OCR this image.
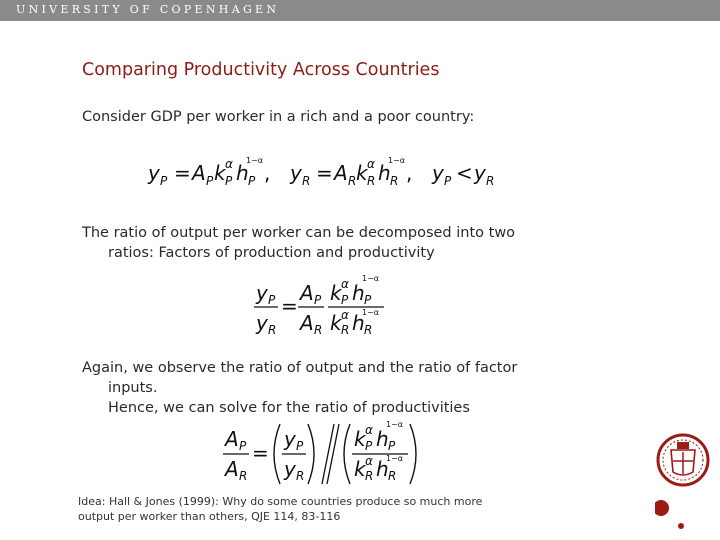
UNIVERSITY OF COPENHAGEN
Comparing Productivity Across Countries
Consider GDP per worker in a rich and a poor country:
y P = A P k P
α h P
1−α
, y R = A R k R
α h R
1−α
, y P < y R
The ratio of output per worker can be decomposed into two
ratios: Factors of production and productivity
y P
y R
=
A P
A R
k P
α h P
1−α
k R
α h R
1−α
Again, we observe the ratio of output and the ratio of factor
inputs.
Hence, we can solve for the ratio of productivities
A P
A R
=
y P
y R
k P
α h P
1−α
k R
α h R
1−α
Idea: Hall & Jones (1999): Why do some countries produce so much more
output per worker than others, QJE 114, 83-116
